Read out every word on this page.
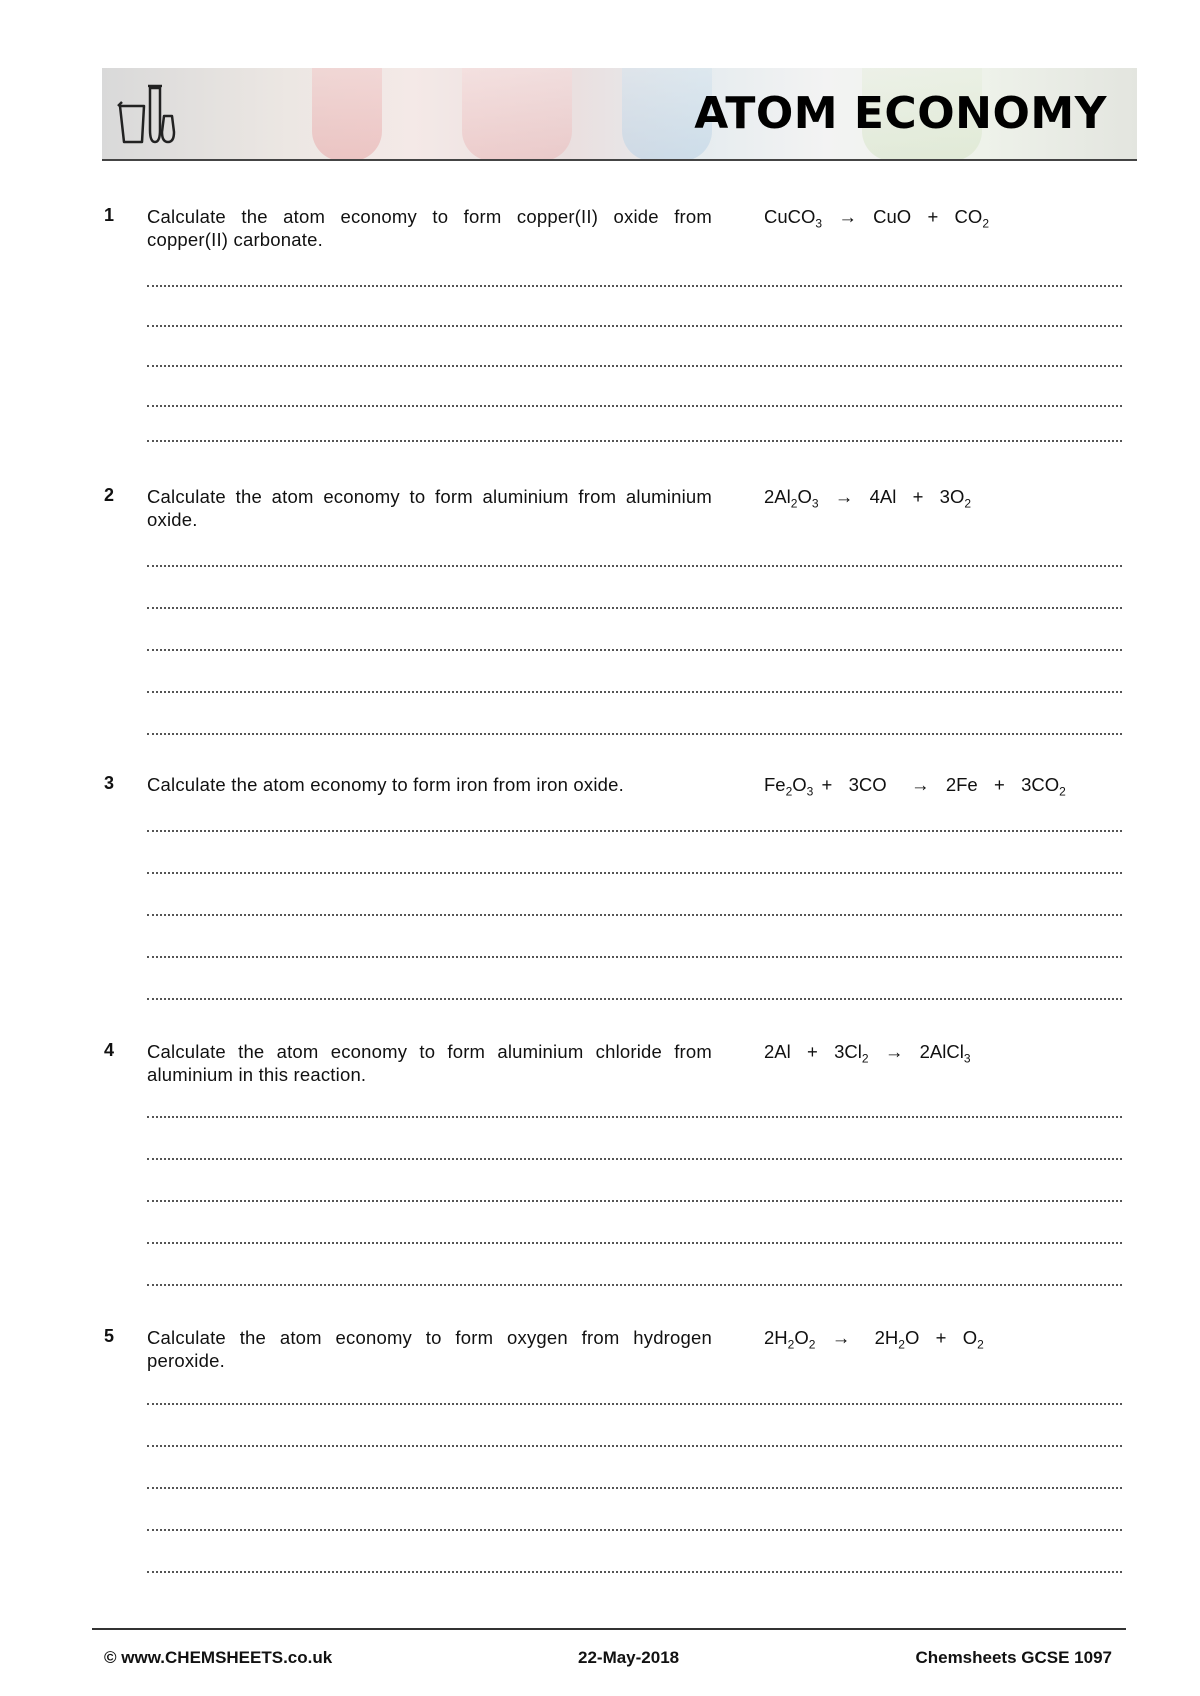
ATOM ECONOMY
1 Calculate the atom economy to form copper(II) oxide from copper(II) carbonate.
CuCO$_3$  →  CuO  +  $CO_2$
2 Calculate the atom economy to form aluminium from aluminium oxide.
$2Al_2O_3 \to 4Al + 3O_2$
3 Calculate the atom economy to form iron from iron oxide.	$Fe_2O_3 + 3CO \to 2Fe + 3CO_2$
4 Calculate the atom economy to form aluminium chloride from aluminium in this reaction.
$2Al + 3Cl_2$  →  2AlCl$_3$
5 Calculate the atom economy to form oxygen from hydrogen peroxide.
$2H_2O_2 \to 2H_2O + O_2$
© www.CHEMSHEETS.co.uk	22-May-2018	Chemsheets GCSE 1097
